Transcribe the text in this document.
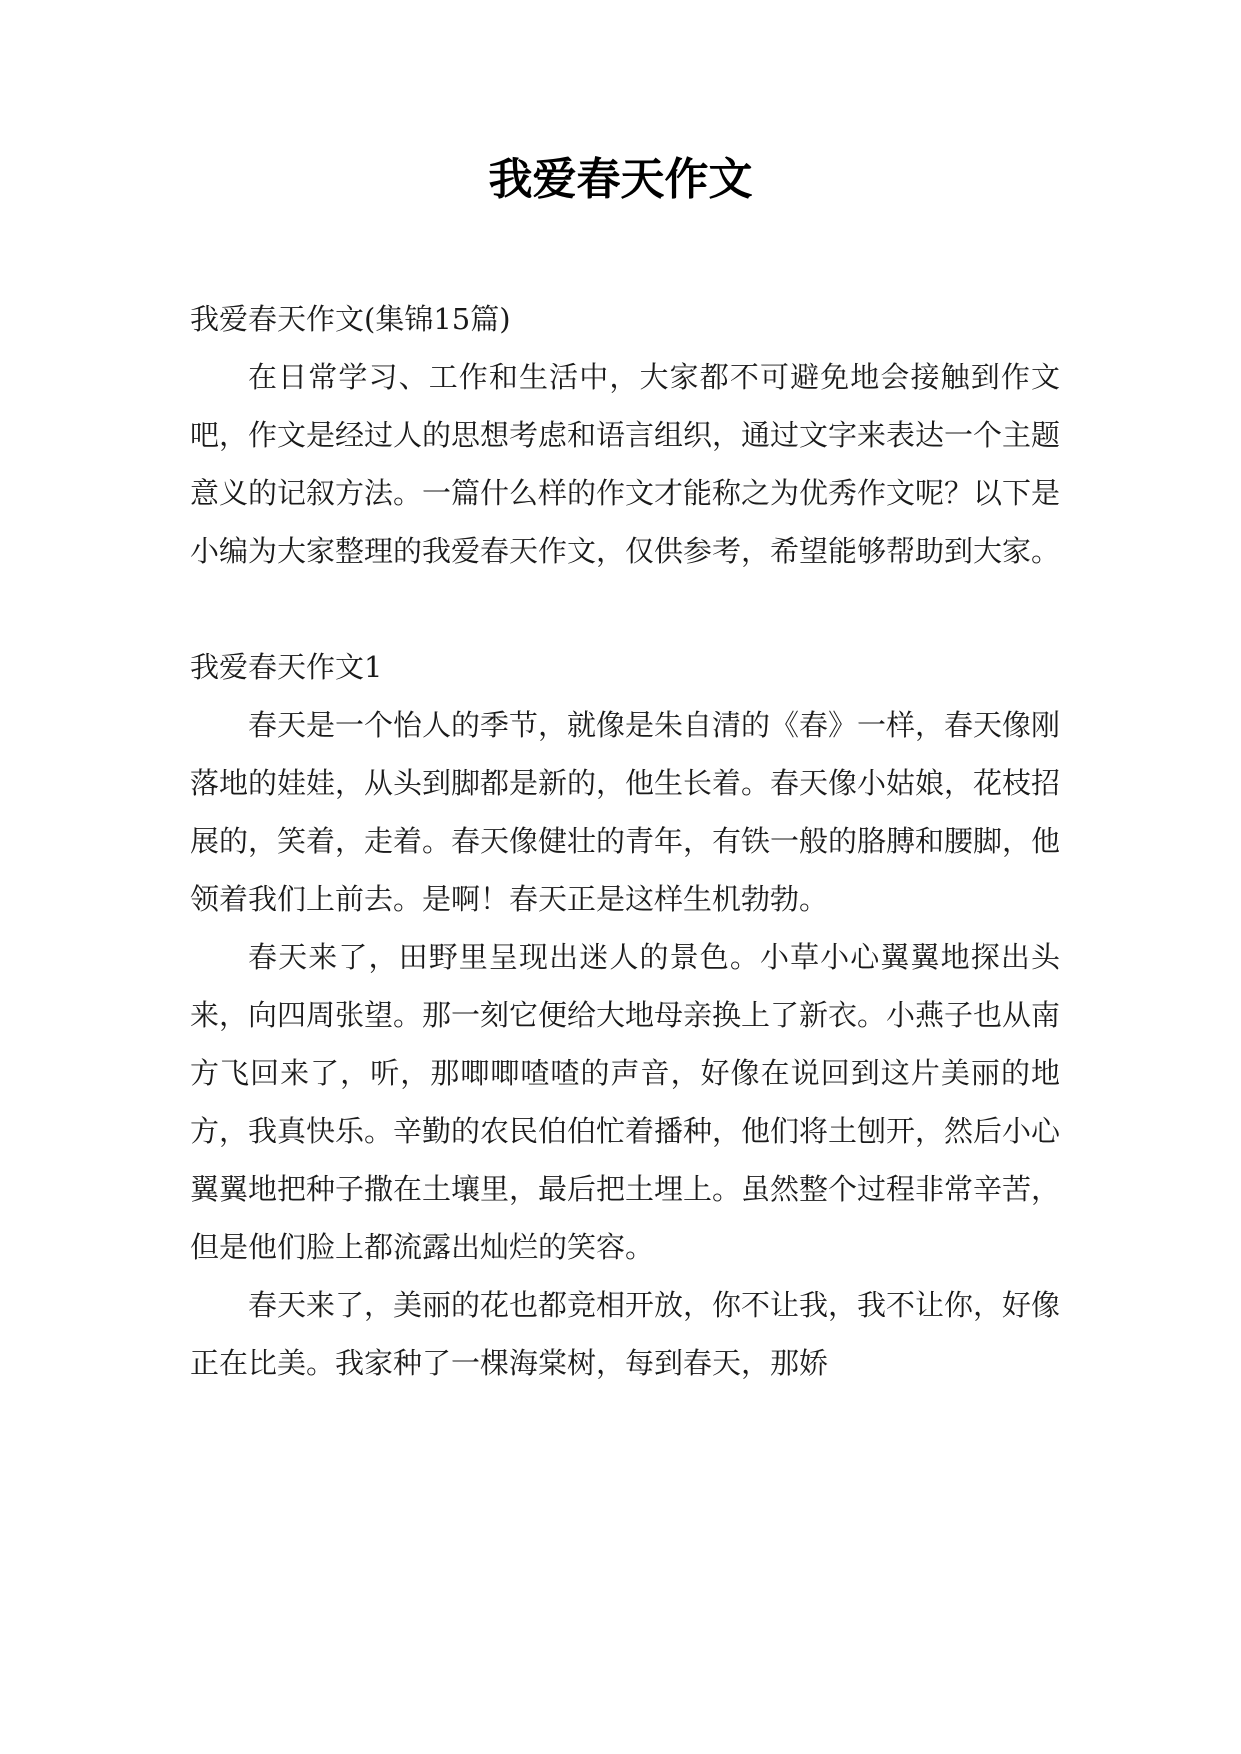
我爱春天作文

我爱春天作文(集锦15篇)

在日常学习、工作和生活中，大家都不可避免地会接触到作文吧，作文是经过人的思想考虑和语言组织，通过文字来表达一个主题意义的记叙方法。一篇什么样的作文才能称之为优秀作文呢？以下是小编为大家整理的我爱春天作文，仅供参考，希望能够帮助到大家。

我爱春天作文1

春天是一个怡人的季节，就像是朱自清的《春》一样，春天像刚落地的娃娃，从头到脚都是新的，他生长着。春天像小姑娘，花枝招展的，笑着，走着。春天像健壮的青年，有铁一般的胳膊和腰脚，他领着我们上前去。是啊！春天正是这样生机勃勃。

春天来了，田野里呈现出迷人的景色。小草小心翼翼地探出头来，向四周张望。那一刻它便给大地母亲换上了新衣。小燕子也从南方飞回来了，听，那唧唧喳喳的声音，好像在说回到这片美丽的地方，我真快乐。辛勤的农民伯伯忙着播种，他们将土刨开，然后小心翼翼地把种子撒在土壤里，最后把土埋上。虽然整个过程非常辛苦，但是他们脸上都流露出灿烂的笑容。

春天来了，美丽的花也都竞相开放，你不让我，我不让你，好像正在比美。我家种了一棵海棠树，每到春天，那娇
